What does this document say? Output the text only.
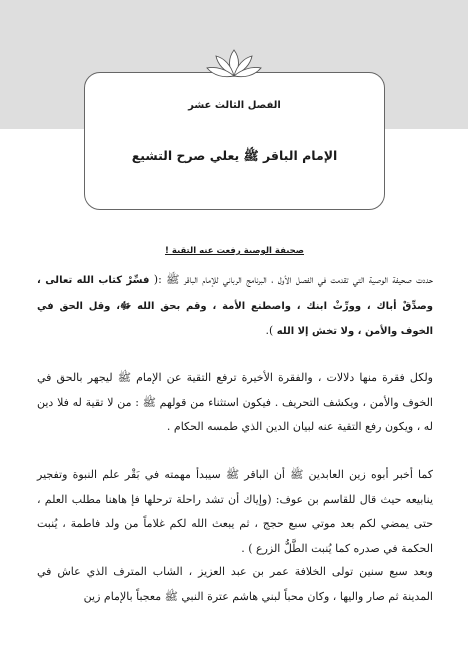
الفصل الثالث عشر
الإمام الباقر ﷺ يعلي صرح التشيع
صحيفة الوصية رفعت عنه التقية !

حددت صحيفة الوصية التي تقدمت في الفصل الأول ، البرنامج الرباني للإمام الباقر ﷺ :( فسِّرْ كتاب الله تعالى ، وصدِّقْ أباك ، وورِّثْ ابنك ، واصطنع الأمة ، وقم بحق الله ﷻ، وقل الحق في الخوف والأمن ، ولا تخش إلا الله ).

ولكل فقرة منها دلالات ، والفقرة الأخيرة ترفع التقية عن الإمام ﷺ ليجهر بالحق في الخوف والأمن ، ويكشف التحريف . فيكون استثناء من قولهم ﷺ : من لا تقية له فلا دين له ، ويكون رفع التقية عنه لبيان الدين الذي طمسه الحكام .

كما أخبر أبوه زين العابدين ﷺ أن الباقر ﷺ سيبدأ مهمته في بَقْر علم النبوة وتفجير ينابيعه حيث قال للقاسم بن عوف: (وإياك أن تشد راحلة ترحلها فإ هاهنا مطلب العلم ، حتى يمضي لكم بعد موتي سبع حجج ، ثم يبعث الله لكم غلاماً من ولد فاطمة ، يُنبت الحكمة في صدره كما يُنبت الطَّلُّ الزرع ) .

وبعد سبع سنين تولى الخلافة عمر بن عبد العزيز ، الشاب المترف الذي عاش في المدينة ثم صار واليها ، وكان محباً لبني هاشم عترة النبي ﷺ معجباً بالإمام زين
